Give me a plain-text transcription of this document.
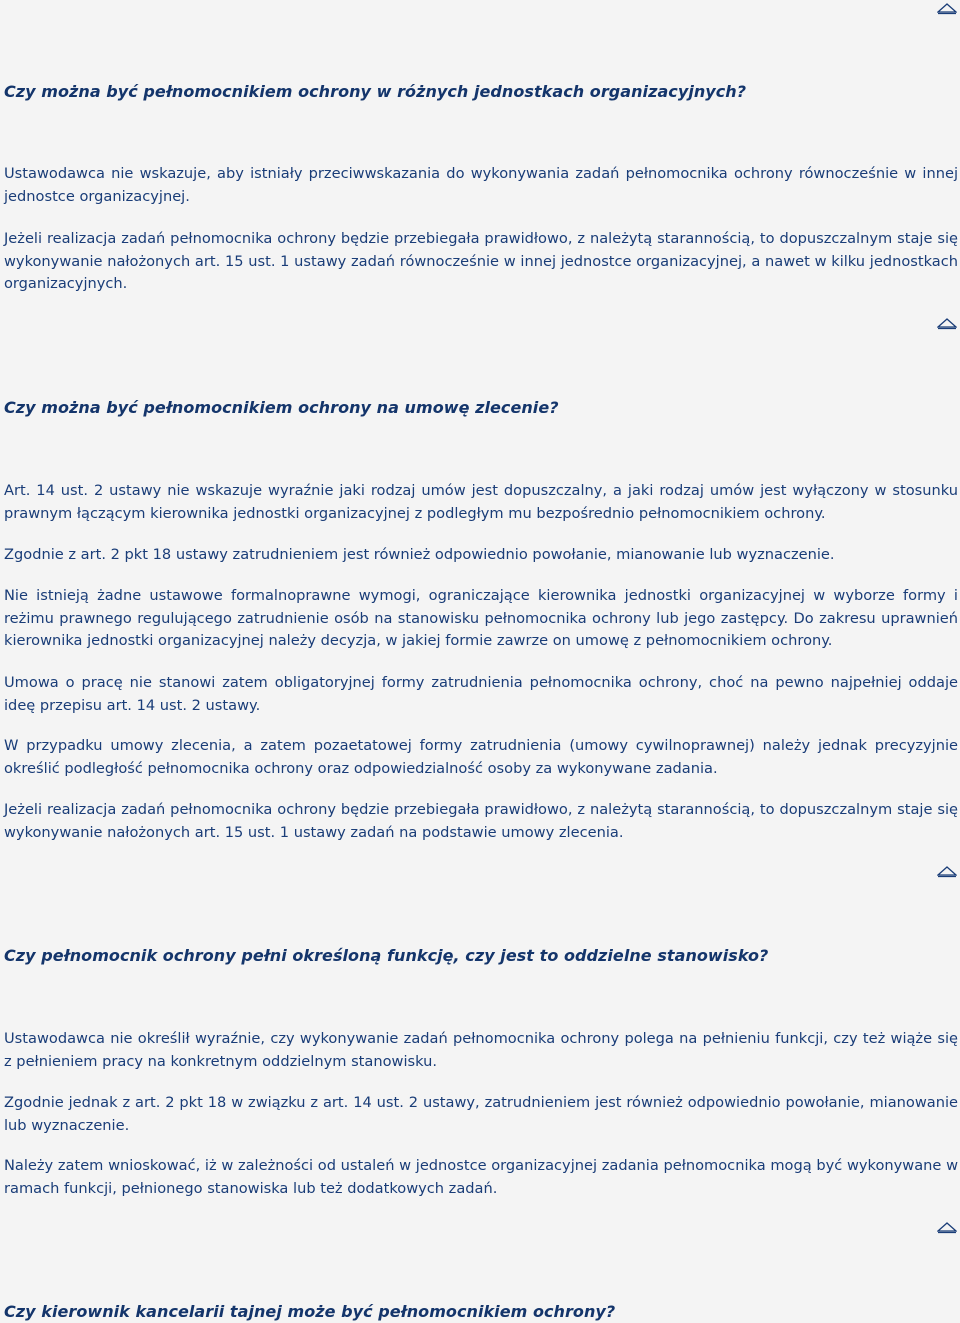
Czy można być pełnomocnikiem ochrony w różnych jednostkach organizacyjnych?

Ustawodawca nie wskazuje, aby istniały przeciwwskazania do wykonywania zadań pełnomocnika ochrony równocześnie w innej jednostce organizacyjnej.

Jeżeli realizacja zadań pełnomocnika ochrony będzie przebiegała prawidłowo, z należytą starannością, to dopuszczalnym staje się wykonywanie nałożonych art. 15 ust. 1 ustawy zadań równocześnie w innej jednostce organizacyjnej, a nawet w kilku jednostkach organizacyjnych.

Czy można być pełnomocnikiem ochrony na umowę zlecenie?

Art. 14 ust. 2 ustawy nie wskazuje wyraźnie jaki rodzaj umów jest dopuszczalny, a jaki rodzaj umów jest wyłączony w stosunku prawnym łączącym kierownika jednostki organizacyjnej z podległym mu bezpośrednio pełnomocnikiem ochrony.

Zgodnie z art. 2 pkt 18 ustawy zatrudnieniem jest również odpowiednio powołanie, mianowanie lub wyznaczenie.

Nie istnieją żadne ustawowe formalnoprawne wymogi, ograniczające kierownika jednostki organizacyjnej w wyborze formy i reżimu prawnego regulującego zatrudnienie osób na stanowisku pełnomocnika ochrony lub jego zastępcy. Do zakresu uprawnień kierownika jednostki organizacyjnej należy decyzja, w jakiej formie zawrze on umowę z pełnomocnikiem ochrony.

Umowa o pracę nie stanowi zatem obligatoryjnej formy zatrudnienia pełnomocnika ochrony, choć na pewno najpełniej oddaje ideę przepisu art. 14 ust. 2 ustawy.

W przypadku umowy zlecenia, a zatem pozaetatowej formy zatrudnienia (umowy cywilnoprawnej) należy jednak precyzyjnie określić podległość pełnomocnika ochrony oraz odpowiedzialność osoby za wykonywane zadania.

Jeżeli realizacja zadań pełnomocnika ochrony będzie przebiegała prawidłowo, z należytą starannością, to dopuszczalnym staje się wykonywanie nałożonych art. 15 ust. 1 ustawy zadań na podstawie umowy zlecenia.

Czy pełnomocnik ochrony pełni określoną funkcję, czy jest to oddzielne stanowisko?

Ustawodawca nie określił wyraźnie, czy wykonywanie zadań pełnomocnika ochrony polega na pełnieniu funkcji, czy też wiąże się z pełnieniem pracy na konkretnym oddzielnym stanowisku.

Zgodnie jednak z art. 2 pkt 18 w związku z art. 14 ust. 2 ustawy, zatrudnieniem jest również odpowiednio powołanie, mianowanie lub wyznaczenie.

Należy zatem wnioskować, iż w zależności od ustaleń w jednostce organizacyjnej zadania pełnomocnika mogą być wykonywane w ramach funkcji, pełnionego stanowiska lub też dodatkowych zadań.

Czy kierownik kancelarii tajnej może być pełnomocnikiem ochrony?
